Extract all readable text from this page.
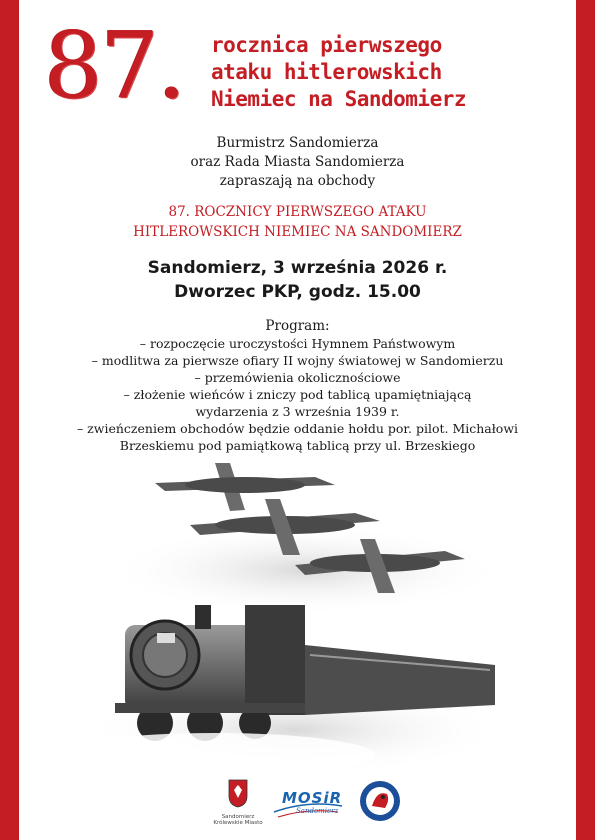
87. rocznica pierwszego
ataku hitlerowskich
Niemiec na Sandomierz
Burmistrz Sandomierza
oraz Rada Miasta Sandomierza
zapraszają na obchody
87. ROCZNICY PIERWSZEGO ATAKU
HITLEROWSKICH NIEMIEC NA SANDOMIERZ
Sandomierz, 3 września 2026 r.
Dworzec PKP, godz. 15.00
Program:
– rozpoczęcie uroczystości Hymnem Państwowym
– modlitwa za pierwsze ofiary II wojny światowej w Sandomierzu
– przemówienia okolicznościowe
– złożenie wieńców i zniczy pod tablicą upamiętniającą
wydarzenia z 3 września 1939 r.
– zwieńczeniem obchodów będzie oddanie hołdu por. pilot. Michałowi
Brzeskiemu pod pamiątkową tablicą przy ul. Brzeskiego
Sandomierz
Królewskie Miasto
MOSiR
Sandomierz
